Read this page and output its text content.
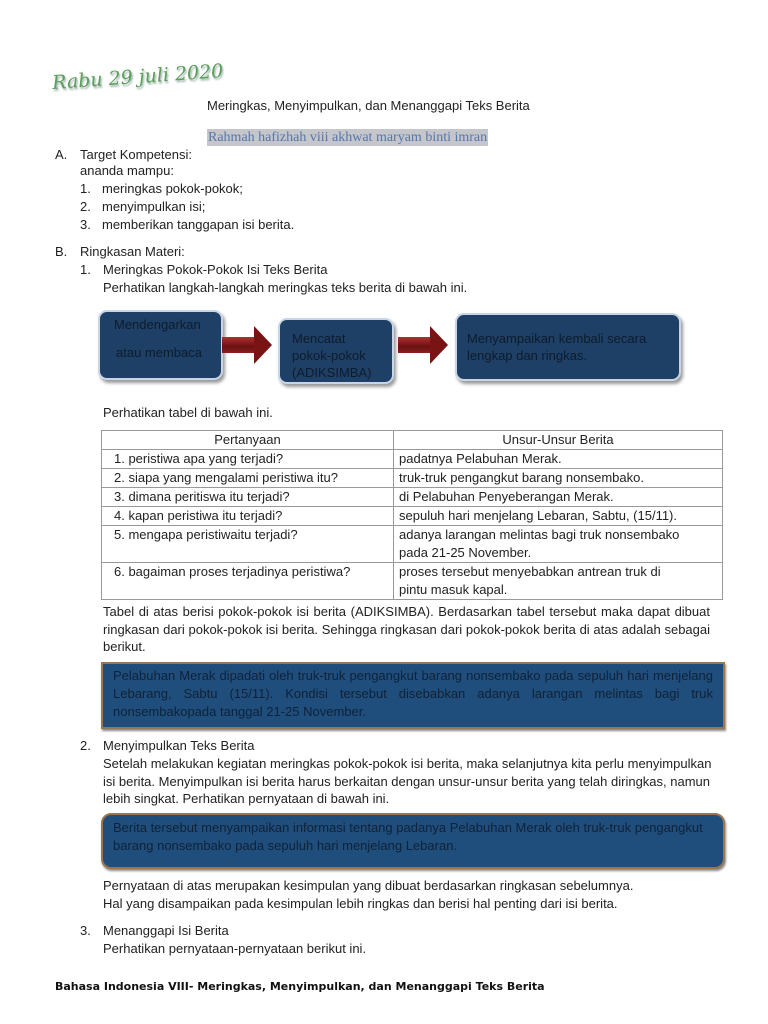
Rabu 29 juli 2020
Meringkas, Menyimpulkan, dan Menanggapi Teks Berita
Rahmah hafizhah viii akhwat maryam binti imran
A. Target Kompetensi:
ananda mampu:
1. meringkas pokok-pokok;
2. menyimpulkan isi;
3. memberikan tanggapan isi berita.
B. Ringkasan Materi:
1. Meringkas Pokok-Pokok Isi Teks Berita
Perhatikan langkah-langkah meringkas teks berita di bawah ini.
Mendengarkan
atau membaca
Mencatat pokok-pokok (ADIKSIMBA)
Menyampaikan kembali secara lengkap dan ringkas.
Perhatikan tabel di bawah ini.
Pertanyaan	Unsur-Unsur Berita
1. peristiwa apa yang terjadi?	padatnya Pelabuhan Merak.
2. siapa yang mengalami peristiwa itu?	truk-truk pengangkut barang nonsembako.
3. dimana peritiswa itu terjadi?	di Pelabuhan Penyeberangan Merak.
4. kapan peristiwa itu terjadi?	sepuluh hari menjelang Lebaran, Sabtu, (15/11).
5. mengapa peristiwaitu terjadi?	adanya larangan melintas bagi truk nonsembako pada 21-25 November.
6. bagaiman proses terjadinya peristiwa?	proses tersebut menyebabkan antrean truk di pintu masuk kapal.
Tabel di atas berisi pokok-pokok isi berita (ADIKSIMBA). Berdasarkan tabel tersebut maka dapat dibuat ringkasan dari pokok-pokok isi berita. Sehingga ringkasan dari pokok-pokok berita di atas adalah sebagai berikut.
Pelabuhan Merak dipadati oleh truk-truk pengangkut barang nonsembako pada sepuluh hari menjelang Lebarang, Sabtu (15/11). Kondisi tersebut disebabkan adanya larangan melintas bagi truk nonsembakopada tanggal 21-25 November.
2. Menyimpulkan Teks Berita
Setelah melakukan kegiatan meringkas pokok-pokok isi berita, maka selanjutnya kita perlu menyimpulkan isi berita. Menyimpulkan isi berita harus berkaitan dengan unsur-unsur berita yang telah diringkas, namun lebih singkat. Perhatikan pernyataan di bawah ini.
Berita tersebut menyampaikan informasi tentang padanya Pelabuhan Merak oleh truk-truk pengangkut barang nonsembako pada sepuluh hari menjelang Lebaran.
Pernyataan di atas merupakan kesimpulan yang dibuat berdasarkan ringkasan sebelumnya.
Hal yang disampaikan pada kesimpulan lebih ringkas dan berisi hal penting dari isi berita.
3. Menanggapi Isi Berita
Perhatikan pernyataan-pernyataan berikut ini.
Bahasa Indonesia VIII- Meringkas, Menyimpulkan, dan Menanggapi Teks Berita
